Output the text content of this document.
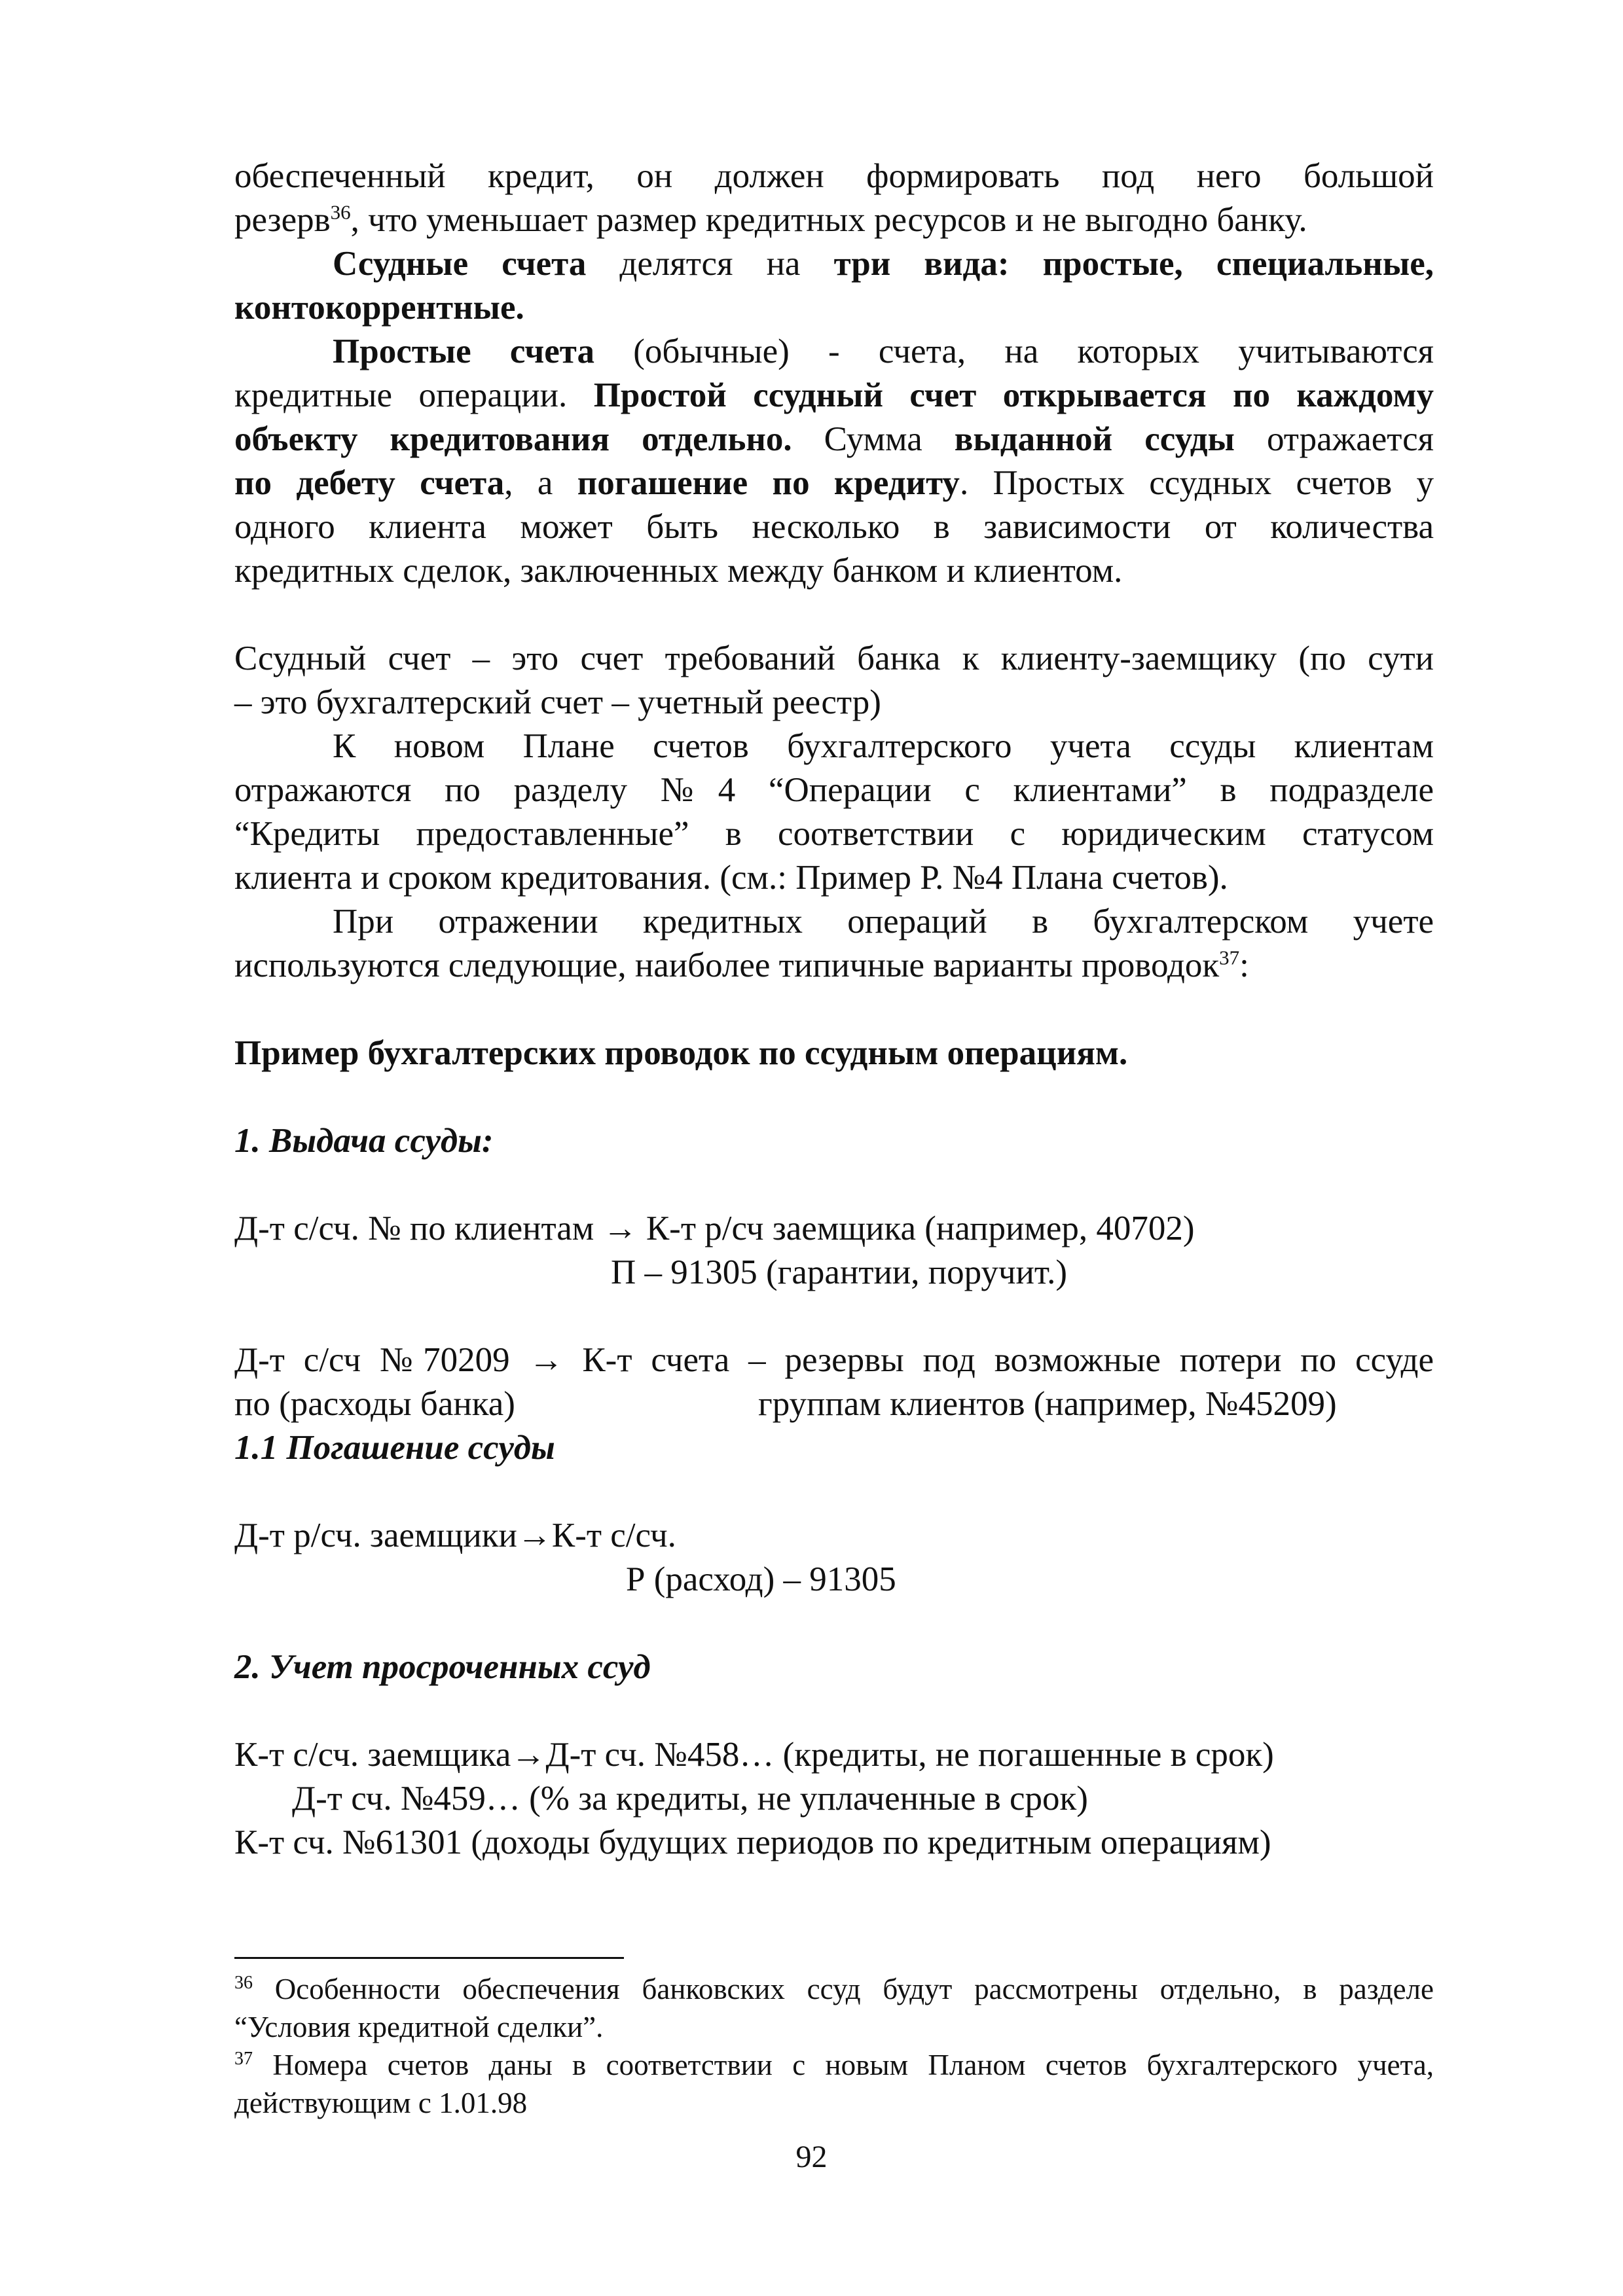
обеспеченный кредит, он должен формировать под него большой
резерв$^{36}$, что уменьшает размер кредитных ресурсов и не выгодно банку.
Ссудные счета делятся на три вида: простые, специальные,
контокоррентные.
Простые счета (обычные) - счета, на которых учитываются
кредитные операции. Простой ссудный счет открывается по каждому
объекту кредитования отдельно. Сумма выданной ссуды отражается
по дебету счета, а погашение по кредиту. Простых ссудных счетов у
одного клиента может быть несколько в зависимости от количества
кредитных сделок, заключенных между банком и клиентом.
Ссудный счет – это счет требований банка к клиенту-заемщику (по сути
– это бухгалтерский счет – учетный реестр)
К новом Плане счетов бухгалтерского учета ссуды клиентам
отражаются по разделу №4 “Операции с клиентами” в подразделе
“Кредиты предоставленные” в соответствии с юридическим статусом
клиента и сроком кредитования. (см.: Пример Р. №4 Плана счетов).
При отражении кредитных операций в бухгалтерском учете
используются следующие, наиболее типичные варианты проводок$^{37}$:
Пример бухгалтерских проводок по ссудным операциям.
1. Выдача ссуды:
Д-т с/сч. № по клиентам → К-т р/сч заемщика (например, 40702)
П – 91305 (гарантии, поручит.)
Д-т с/сч №70209 → К-т счета – резервы под возможные потери по ссуде
по (расходы банка)	группам клиентов (например, №45209)
1.1 Погашение ссуды
Д-т р/сч. заемщики→К-т с/сч.
Р (расход) – 91305
2. Учет просроченных ссуд
К-т с/сч. заемщика→Д-т сч. №458… (кредиты, не погашенные в срок)
Д-т сч. №459… (% за кредиты, не уплаченные в срок)
К-т сч. №61301 (доходы будущих периодов по кредитным операциям)
$^{36}$ Особенности обеспечения банковских ссуд будут рассмотрены отдельно, в разделе
“Условия кредитной сделки”.
$^{37}$ Номера счетов даны в соответствии с новым Планом счетов бухгалтерского учета,
действующим с 1.01.98
92
